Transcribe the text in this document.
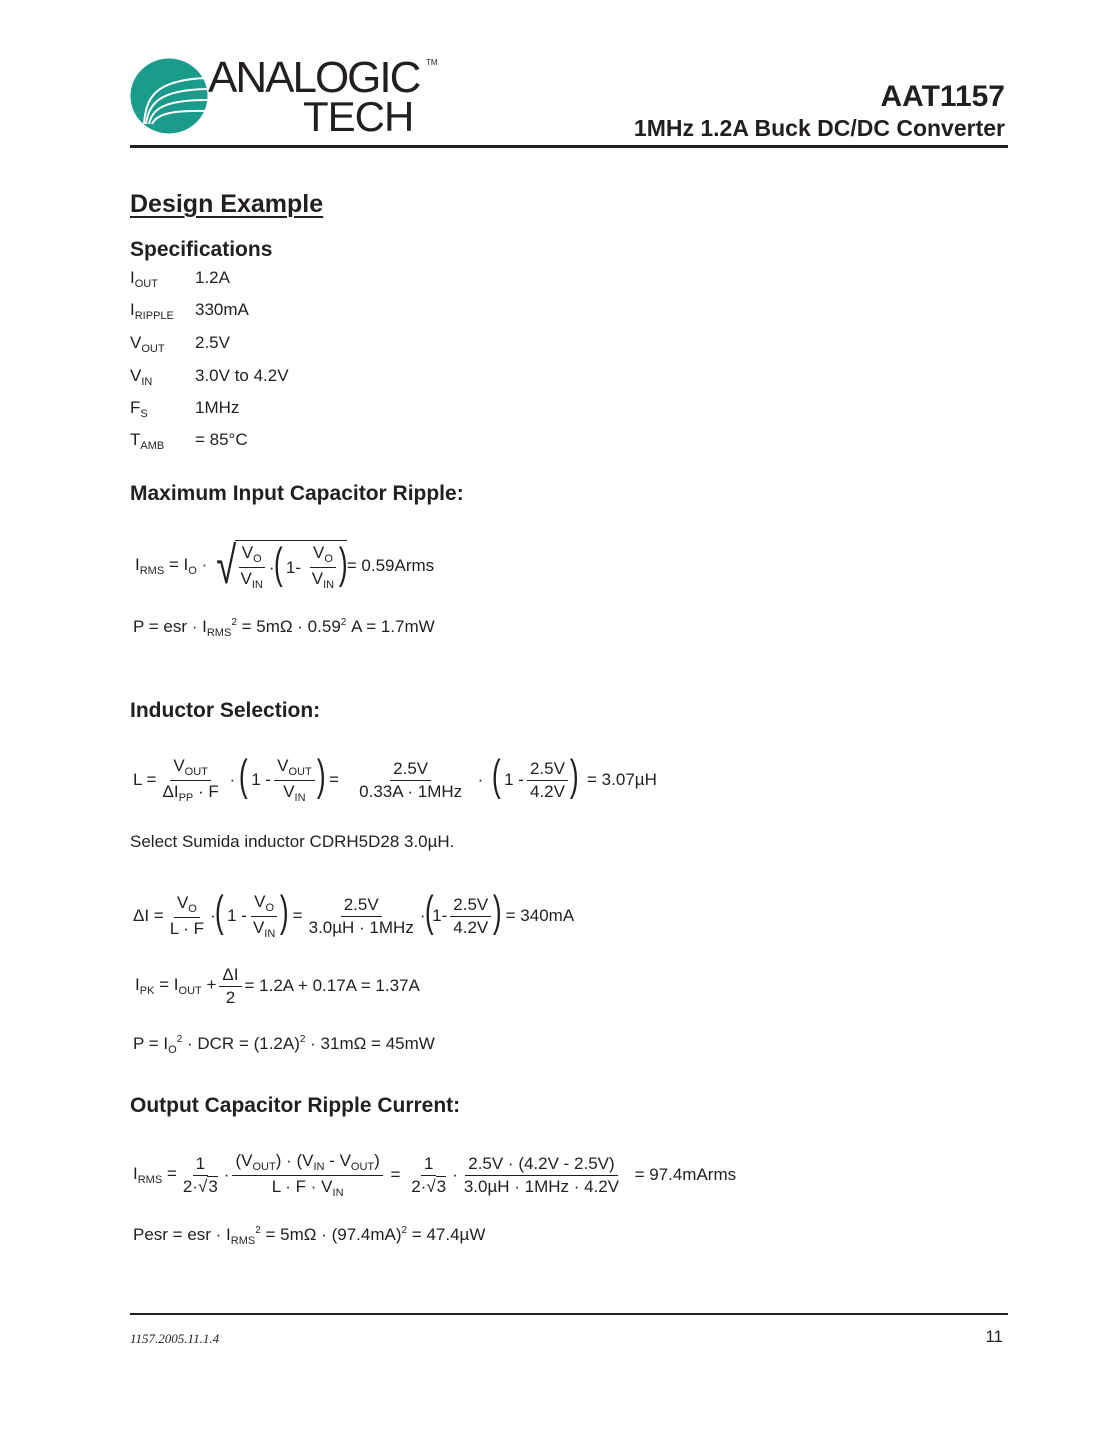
ANALOGIC TM
TECH	AAT1157
1MHz 1.2A Buck DC/DC Converter
Design Example
Specifications
$I_{OUT}$ 1.2A
$I_{RIPPLE}$ 330mA
$V_{OUT}$ 2.5V
$V_{IN}$	3.0V to 4.2V
$F_S$	1MHz
$T_{AMB} = 85^\circ C$
Maximum Input Capacitor Ripple:
$I_{RMS} = I_O$ · √ $\frac{V_O}{V_{IN}}$ ·
(
$1- \frac{V_O}{V_{IN}}$ )
= 0.59Arms
P = esr · $I_{RMS}^2 = 5m\Omega \cdot 0.59^2$ A = 1.7mW
Inductor Selection:
$L = \frac{V_{OUT}}{\Delta I_{PP} \cdot F}$ ·
(
$1 - \frac{V_{OUT}}{V_{IN}}$ )
= $\frac{2.5V}{\text{0.33A · 1MHz}}$ ·
(
$1 - \frac{2.5V}{4.2V}$ )
= 3.07µH
Select Sumida inductor CDRH5D28 3.0µH.
$\Delta I = \frac{V_O}{L \cdot F}$ ·
(
$1 - \frac{V_O}{V_{IN}}$ )
= $\frac{2.5V}{\text{3.0µH · 1MHz}}$ ·
(
$1- \frac{2.5V}{4.2V}$ )
= 340mA
$I_{PK} = I_{OUT} + \frac{\Delta I}{2} = 1.2A + 0.17A = 1.37A$
$P = I_O^2$ · DCR = $(1.2A)^2 \cdot 31m\Omega = 45mW$
Output Capacitor Ripple Current:
$I_{RMS} = \frac{1}{2\cdot√3} \cdot \frac{(V_{OUT}) \cdot (V_{IN} - V_{OUT})}{L \cdot F \cdot V_{IN}} = \frac{1}{2\cdot√3} \cdot \frac{2.5V \cdot (4.2V - 2.5V)}{\text{3.0µH · 1MHz · 4.2V}}$
= 97.4mArms
Pesr = esr · $I_{RMS}^2 = 5m\Omega \cdot (97.4mA)^2 = 47.4\mu W$
1157.2005.11.1.4	11
